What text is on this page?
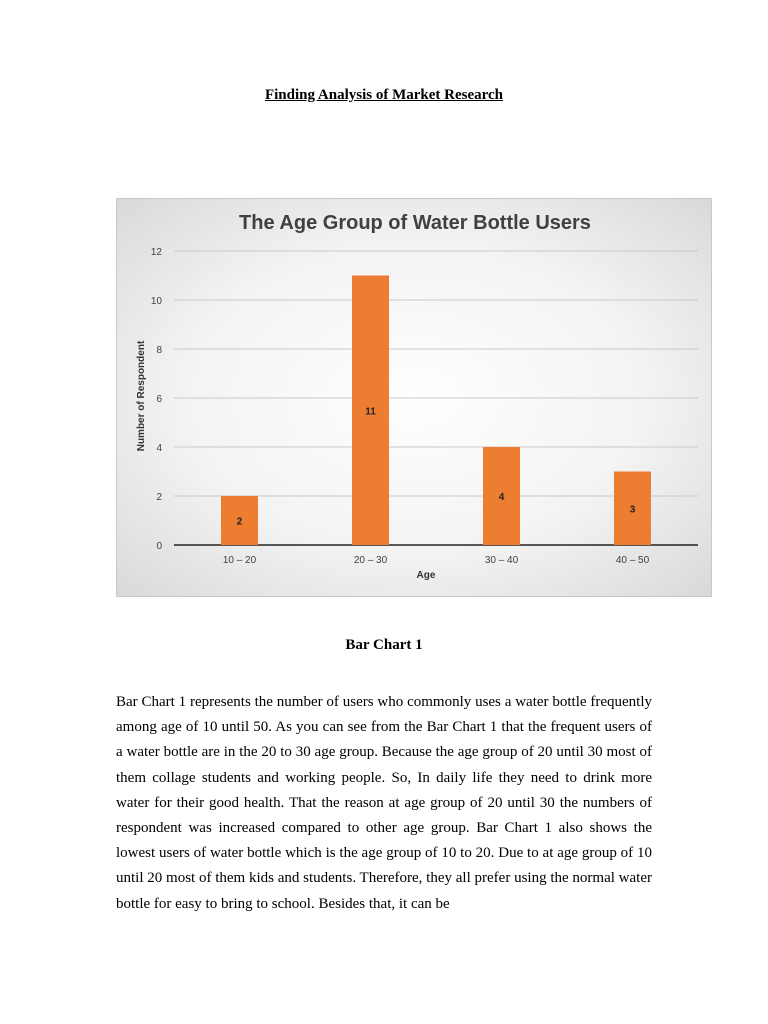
Finding Analysis of Market Research
The Age Group of Water Bottle Users
0
2
4
6
8
10
12
2
10 – 20
11
20 – 30
4
30 – 40
3
40 – 50
Age
Number of Respondent
Bar Chart 1

Bar Chart 1 represents the number of users who commonly uses a water bottle frequently among age of 10 until 50. As you can see from the Bar Chart 1 that the frequent users of a water bottle are in the 20 to 30 age group. Because the age group of 20 until 30 most of them collage students and working people. So, In daily life they need to drink more water for their good health. That the reason at age group of 20 until 30 the numbers of respondent was increased compared to other age group. Bar Chart 1 also shows the lowest users of water bottle which is the age group of 10 to 20. Due to at age group of 10 until 20 most of them kids and students. Therefore, they all prefer using the normal water bottle for easy to bring to school. Besides that, it can be
